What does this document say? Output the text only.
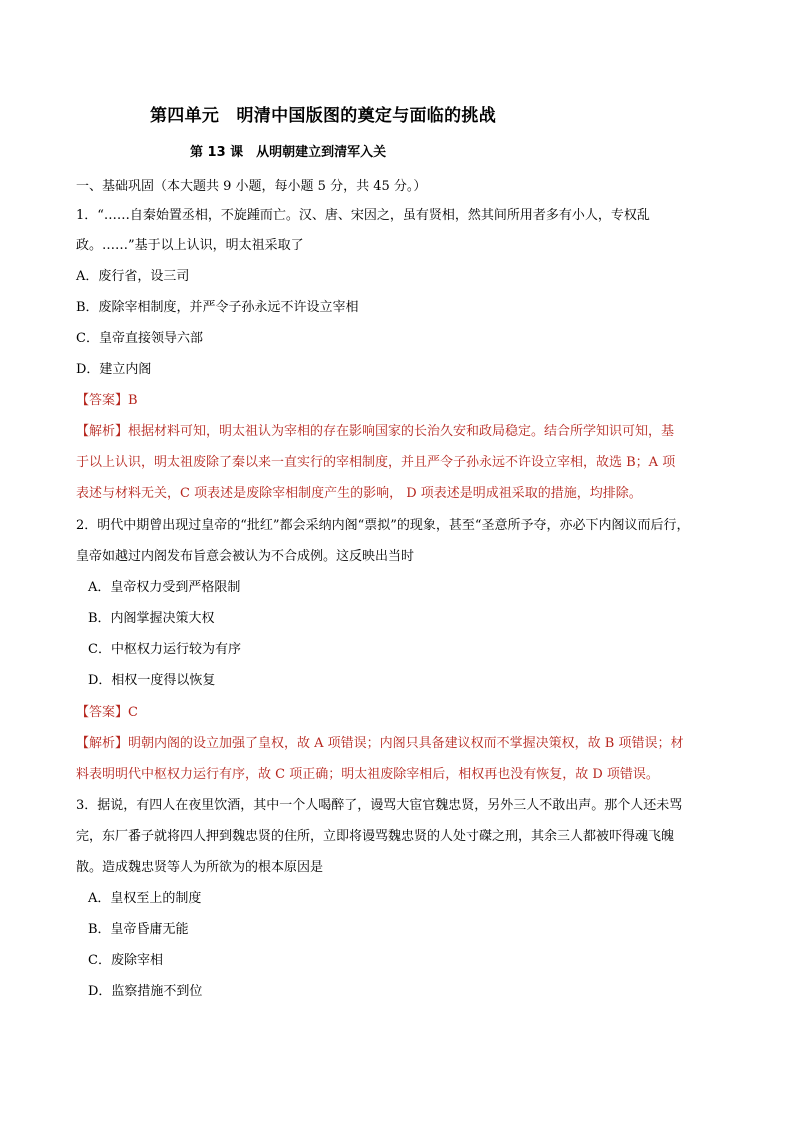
第四单元　明清中国版图的奠定与面临的挑战
第 13 课　从明朝建立到清军入关

一、基础巩固（本大题共 9 小题，每小题 5 分，共 45 分。）

1．“……自秦始置丞相，不旋踵而亡。汉、唐、宋因之，虽有贤相，然其间所用者多有小人，专权乱

政。……”基于以上认识，明太祖采取了

A．废行省，设三司

B．废除宰相制度，并严令子孙永远不许设立宰相

C．皇帝直接领导六部

D．建立内阁

【答案】B

【解析】根据材料可知，明太祖认为宰相的存在影响国家的长治久安和政局稳定。结合所学知识可知，基

于以上认识，明太祖废除了秦以来一直实行的宰相制度，并且严令子孙永远不许设立宰相，故选 B；A 项

表述与材料无关，C 项表述是废除宰相制度产生的影响， D 项表述是明成祖采取的措施，均排除。

2．明代中期曾出现过皇帝的“批红”都会采纳内阁“票拟”的现象，甚至“圣意所予夺，亦必下内阁议而后行，

皇帝如越过内阁发布旨意会被认为不合成例。这反映出当时

A．皇帝权力受到严格限制

B．内阁掌握决策大权

C．中枢权力运行较为有序

D．相权一度得以恢复

【答案】C

【解析】明朝内阁的设立加强了皇权，故 A 项错误；内阁只具备建议权而不掌握决策权，故 B 项错误；材

料表明明代中枢权力运行有序，故 C 项正确；明太祖废除宰相后，相权再也没有恢复，故 D 项错误。

3．据说，有四人在夜里饮酒，其中一个人喝醉了，谩骂大宦官魏忠贤，另外三人不敢出声。那个人还未骂

完，东厂番子就将四人押到魏忠贤的住所，立即将谩骂魏忠贤的人处寸磔之刑，其余三人都被吓得魂飞魄

散。造成魏忠贤等人为所欲为的根本原因是

A．皇权至上的制度

B．皇帝昏庸无能

C．废除宰相

D．监察措施不到位
